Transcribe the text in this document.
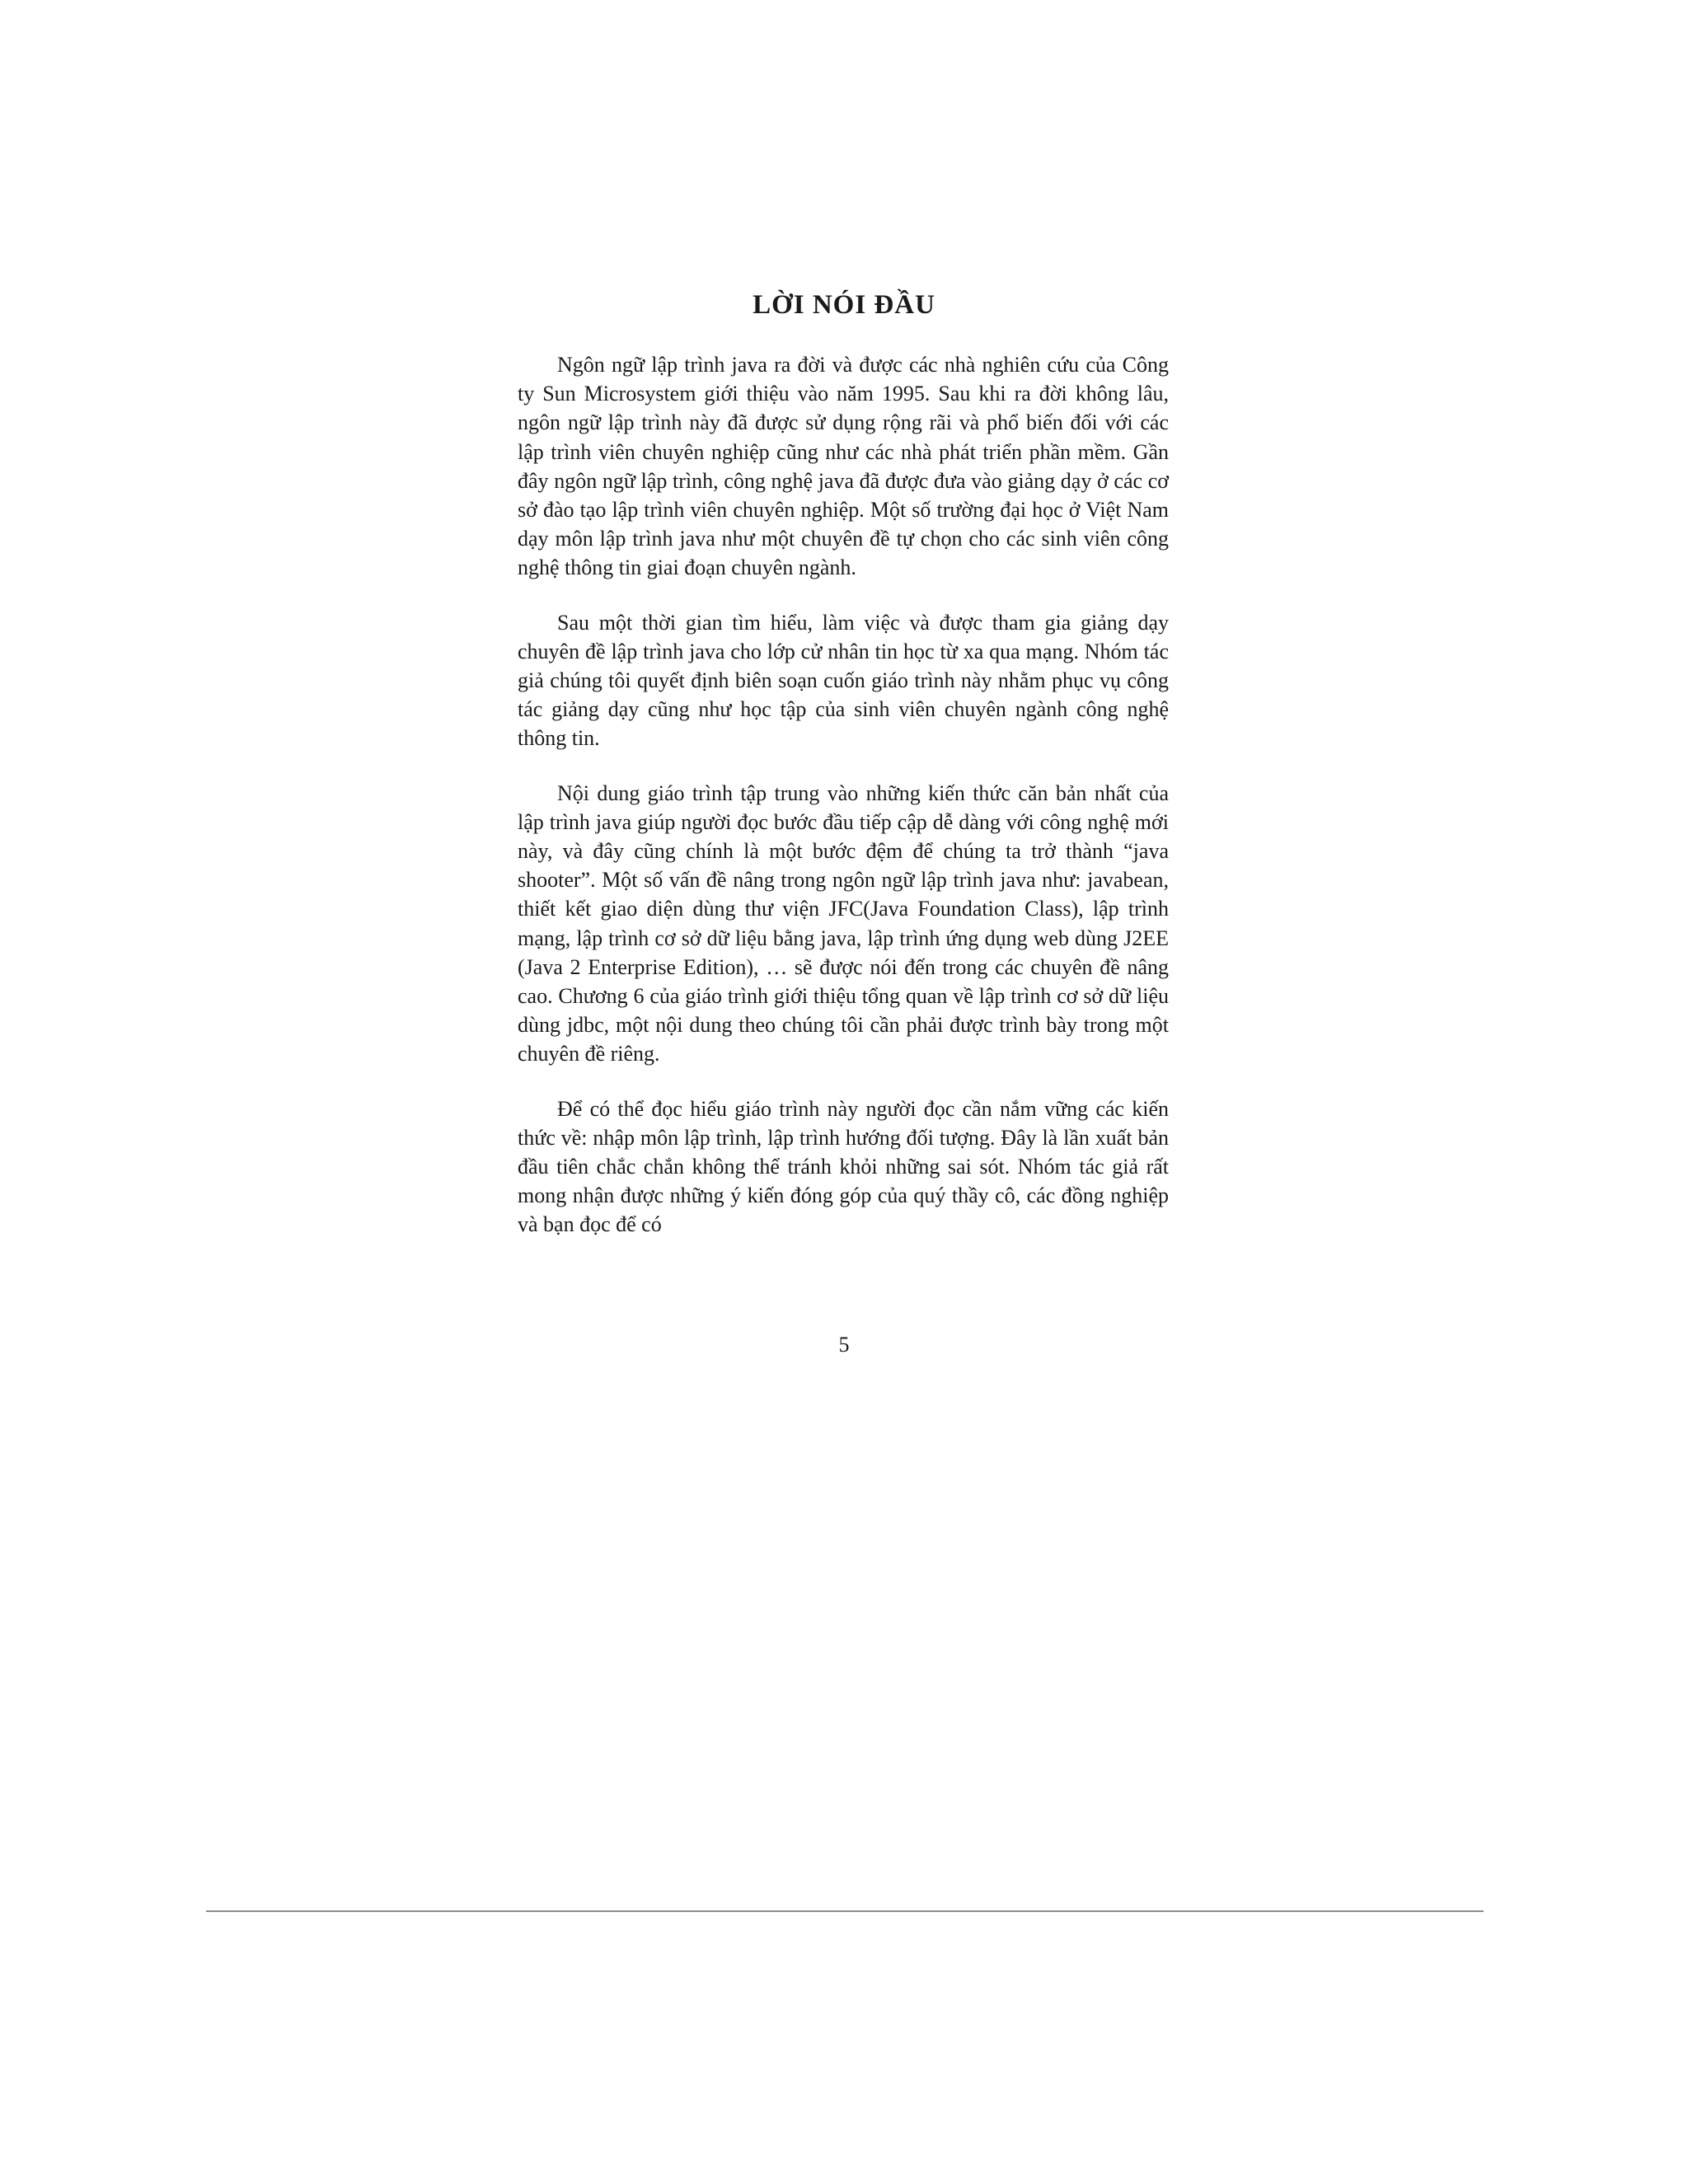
LỜI NÓI ĐẦU

Ngôn ngữ lập trình java ra đời và được các nhà nghiên cứu của Công ty Sun Microsystem giới thiệu vào năm 1995. Sau khi ra đời không lâu, ngôn ngữ lập trình này đã được sử dụng rộng rãi và phổ biến đối với các lập trình viên chuyên nghiệp cũng như các nhà phát triển phần mềm. Gần đây ngôn ngữ lập trình, công nghệ java đã được đưa vào giảng dạy ở các cơ sở đào tạo lập trình viên chuyên nghiệp. Một số trường đại học ở Việt Nam dạy môn lập trình java như một chuyên đề tự chọn cho các sinh viên công nghệ thông tin giai đoạn chuyên ngành.

Sau một thời gian tìm hiểu, làm việc và được tham gia giảng dạy chuyên đề lập trình java cho lớp cử nhân tin học từ xa qua mạng. Nhóm tác giả chúng tôi quyết định biên soạn cuốn giáo trình này nhằm phục vụ công tác giảng dạy cũng như học tập của sinh viên chuyên ngành công nghệ thông tin.

Nội dung giáo trình tập trung vào những kiến thức căn bản nhất của lập trình java giúp người đọc bước đầu tiếp cập dễ dàng với công nghệ mới này, và đây cũng chính là một bước đệm để chúng ta trở thành “java shooter”. Một số vấn đề nâng trong ngôn ngữ lập trình java như: javabean, thiết kết giao diện dùng thư viện JFC(Java Foundation Class), lập trình mạng, lập trình cơ sở dữ liệu bằng java, lập trình ứng dụng web dùng J2EE (Java 2 Enterprise Edition), … sẽ được nói đến trong các chuyên đề nâng cao. Chương 6 của giáo trình giới thiệu tổng quan về lập trình cơ sở dữ liệu dùng jdbc, một nội dung theo chúng tôi cần phải được trình bày trong một chuyên đề riêng.

Để có thể đọc hiểu giáo trình này người đọc cần nắm vững các kiến thức về: nhập môn lập trình, lập trình hướng đối tượng. Đây là lần xuất bản đầu tiên chắc chắn không thể tránh khỏi những sai sót. Nhóm tác giả rất mong nhận được những ý kiến đóng góp của quý thầy cô, các đồng nghiệp và bạn đọc để có

5
